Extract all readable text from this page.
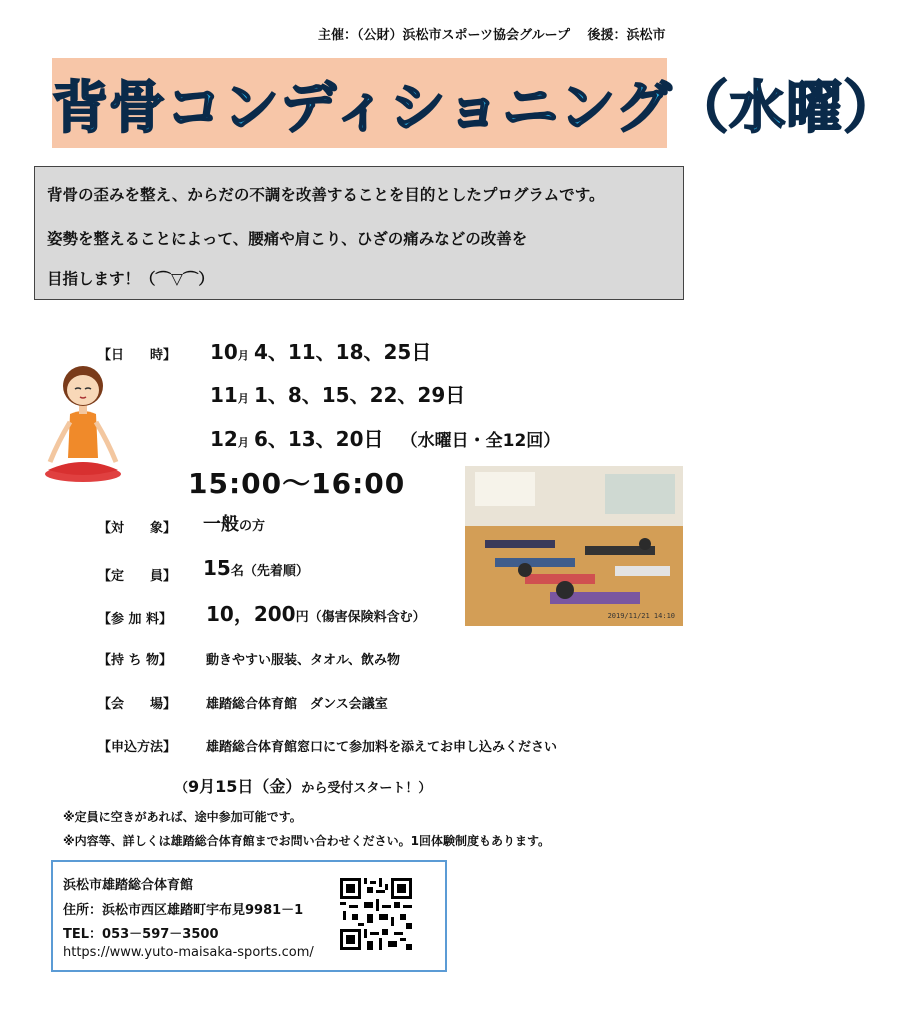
主催：（公財）浜松市スポーツ協会グループ　 後援：浜松市
背骨コンディショニング（水曜）
背骨の歪みを整え、からだの不調を改善することを目的としたプログラムです。
姿勢を整えることによって、腰痛や肩こり、ひざの痛みなどの改善を
目指します！（⌒▽⌒）
【日　　時】 10月 4、11、18、25日
11月 1、8、15、22、29日
12月 6、13、20日 （水曜日・全12回）
15:00～16:00
2019/11/21 14:10
【対　　象】 一般の方
【定　　員】 15名（先着順）
【参 加 料】 10，200円（傷害保険料含む）
【持 ち 物】	動きやすい服装、タオル、飲み物
【会　　場】 雄踏総合体育館　ダンス会議室
【申込方法】 雄踏総合体育館窓口にて参加料を添えてお申し込みください
（9月15日（金）から受付スタート！）
※定員に空きがあれば、途中参加可能です。
※内容等、詳しくは雄踏総合体育館までお問い合わせください。1回体験制度もあります。
浜松市雄踏総合体育館
住所：浜松市西区雄踏町宇布見9981－1
TEL：053－597－3500
https://www.yuto-maisaka-sports.com/
